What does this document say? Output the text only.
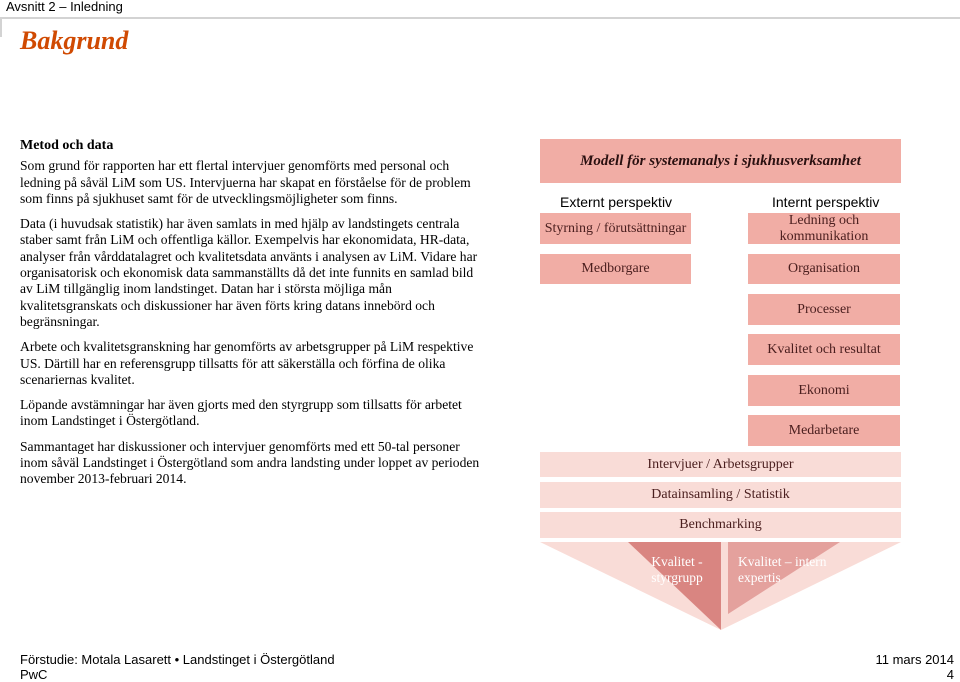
Avsnitt 2 – Inledning
Bakgrund

Metod och data

Som grund för rapporten har ett flertal intervjuer genomförts med personal och ledning på såväl LiM som US. Intervjuerna har skapat en förståelse för de problem som finns på sjukhuset samt för de utvecklingsmöjligheter som finns.

Data (i huvudsak statistik) har även samlats in med hjälp av landstingets centrala staber samt från LiM och offentliga källor. Exempelvis har ekonomidata, HR-data, analyser från vårddatalagret och kvalitetsdata använts i analysen av LiM. Vidare har organisatorisk och ekonomisk data sammanställts då det inte funnits en samlad bild av LiM tillgänglig inom landstinget. Datan har i största möjliga mån kvalitetsgranskats och diskussioner har även förts kring datans innebörd och begränsningar.

Arbete och kvalitetsgranskning har genomförts av arbetsgrupper på LiM respektive US. Därtill har en referensgrupp tillsatts för att säkerställa och förfina de olika scenariernas kvalitet.

Löpande avstämningar har även gjorts med den styrgrupp som tillsatts för arbetet inom Landstinget i Östergötland.

Sammantaget har diskussioner och intervjuer genomförts med ett 50-tal personer inom såväl Landstinget i Östergötland som andra landsting under loppet av perioden november 2013-februari 2014.

Modell för systemanalys i sjukhusverksamhet
Externt perspektiv	Internt perspektiv
Styrning / förutsättningar
Medborgare
Ledning och kommunikation
Organisation
Processer
Kvalitet och resultat
Ekonomi
Medarbetare
Intervjuer / Arbetsgrupper
Datainsamling / Statistik
Benchmarking
Kvalitet - styrgrupp
Kvalitet – intern expertis
Förstudie: Motala Lasarett • Landstinget i Östergötland
PwC
11 mars 2014
4
